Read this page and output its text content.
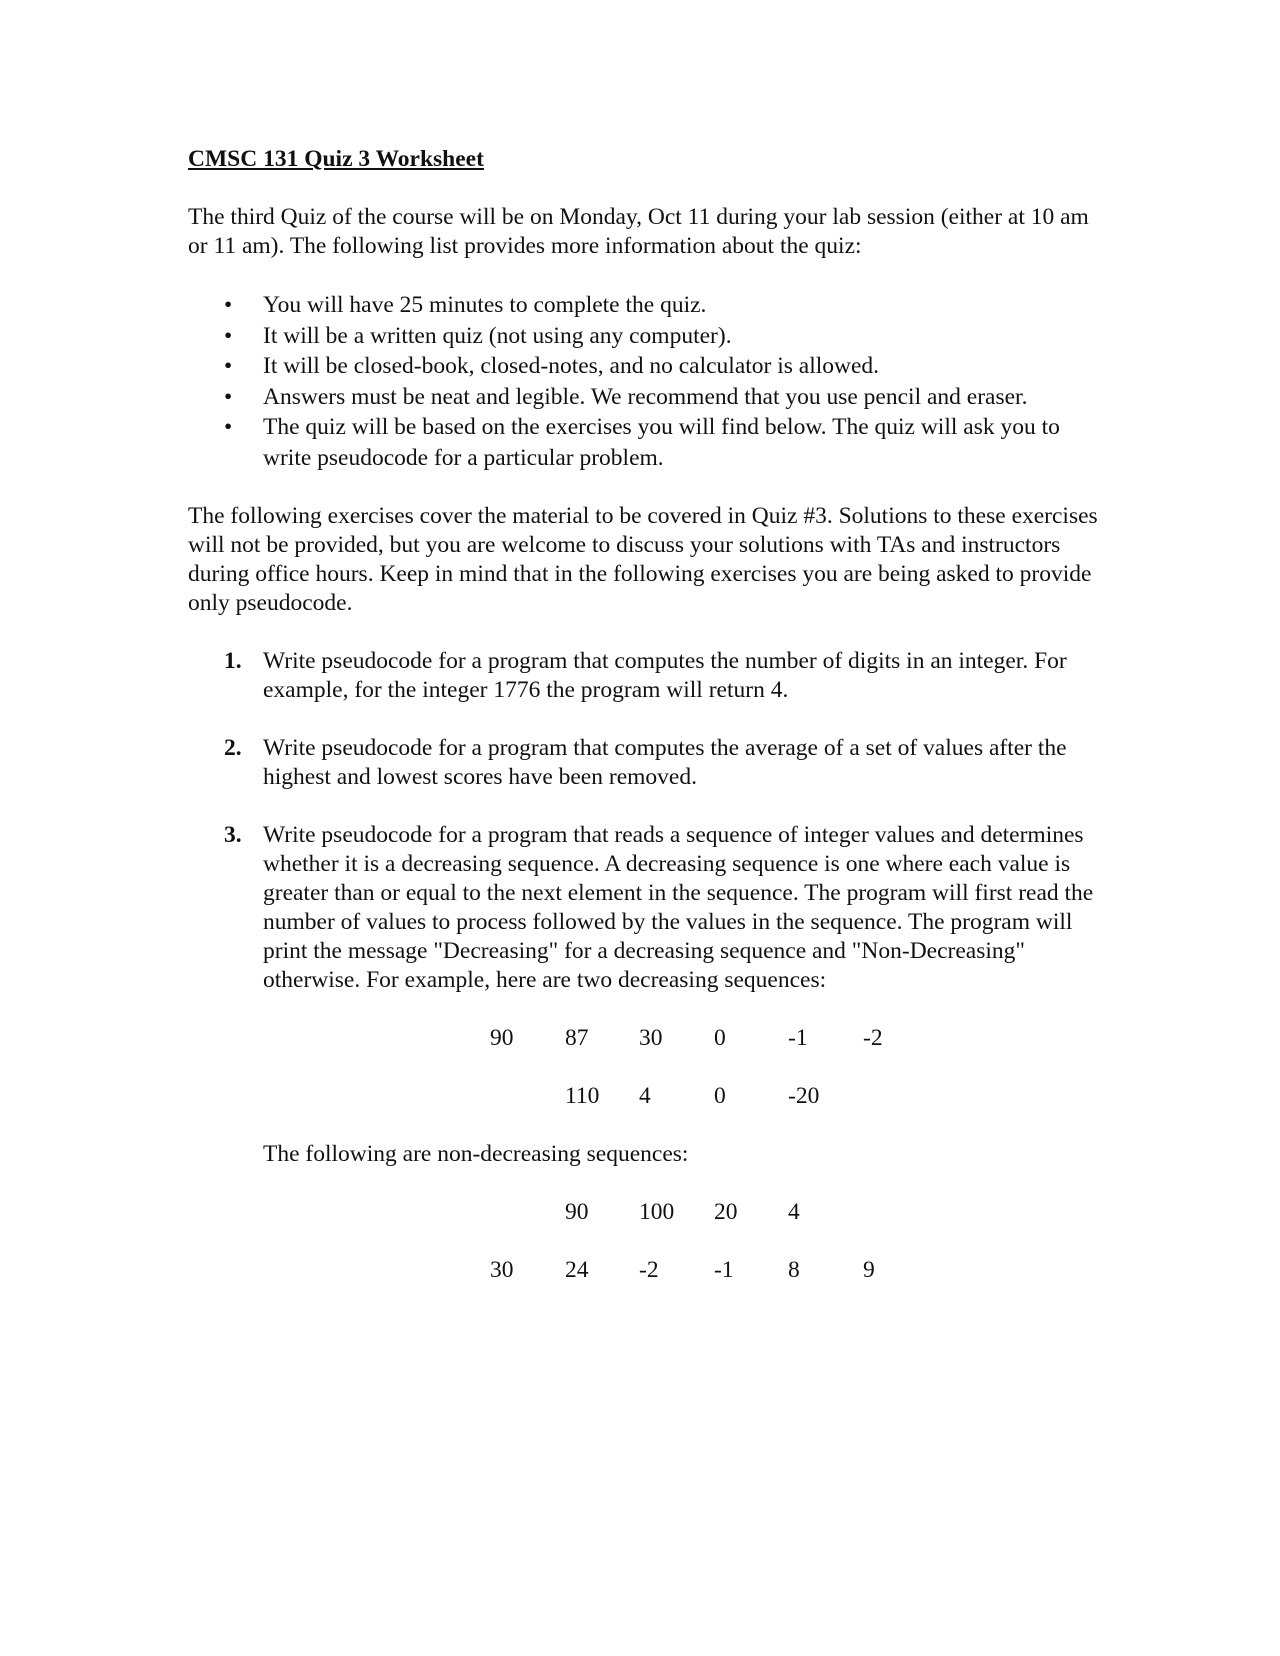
CMSC 131 Quiz 3 Worksheet

The third Quiz of the course will be on Monday, Oct 11 during your lab session (either at 10 am or 11 am). The following list provides more information about the quiz:

• You will have 25 minutes to complete the quiz.
• It will be a written quiz (not using any computer).
• It will be closed-book, closed-notes, and no calculator is allowed.
• Answers must be neat and legible. We recommend that you use pencil and eraser.
• The quiz will be based on the exercises you will find below. The quiz will ask you to write pseudocode for a particular problem.

The following exercises cover the material to be covered in Quiz #3. Solutions to these exercises will not be provided, but you are welcome to discuss your solutions with TAs and instructors during office hours. Keep in mind that in the following exercises you are being asked to provide only pseudocode.

1. Write pseudocode for a program that computes the number of digits in an integer. For example, for the integer 1776 the program will return 4.
2. Write pseudocode for a program that computes the average of a set of values after the highest and lowest scores have been removed.
3. Write pseudocode for a program that reads a sequence of integer values and determines whether it is a decreasing sequence. A decreasing sequence is one where each value is greater than or equal to the next element in the sequence. The program will first read the number of values to process followed by the values in the sequence. The program will print the message "Decreasing" for a decreasing sequence and "Non-Decreasing" otherwise. For example, here are two decreasing sequences:

90 87 30 0	-1 -2
110 4	0	-20

The following are non-decreasing sequences:

90 100 20 4
30 24 -2 -1 8	9
